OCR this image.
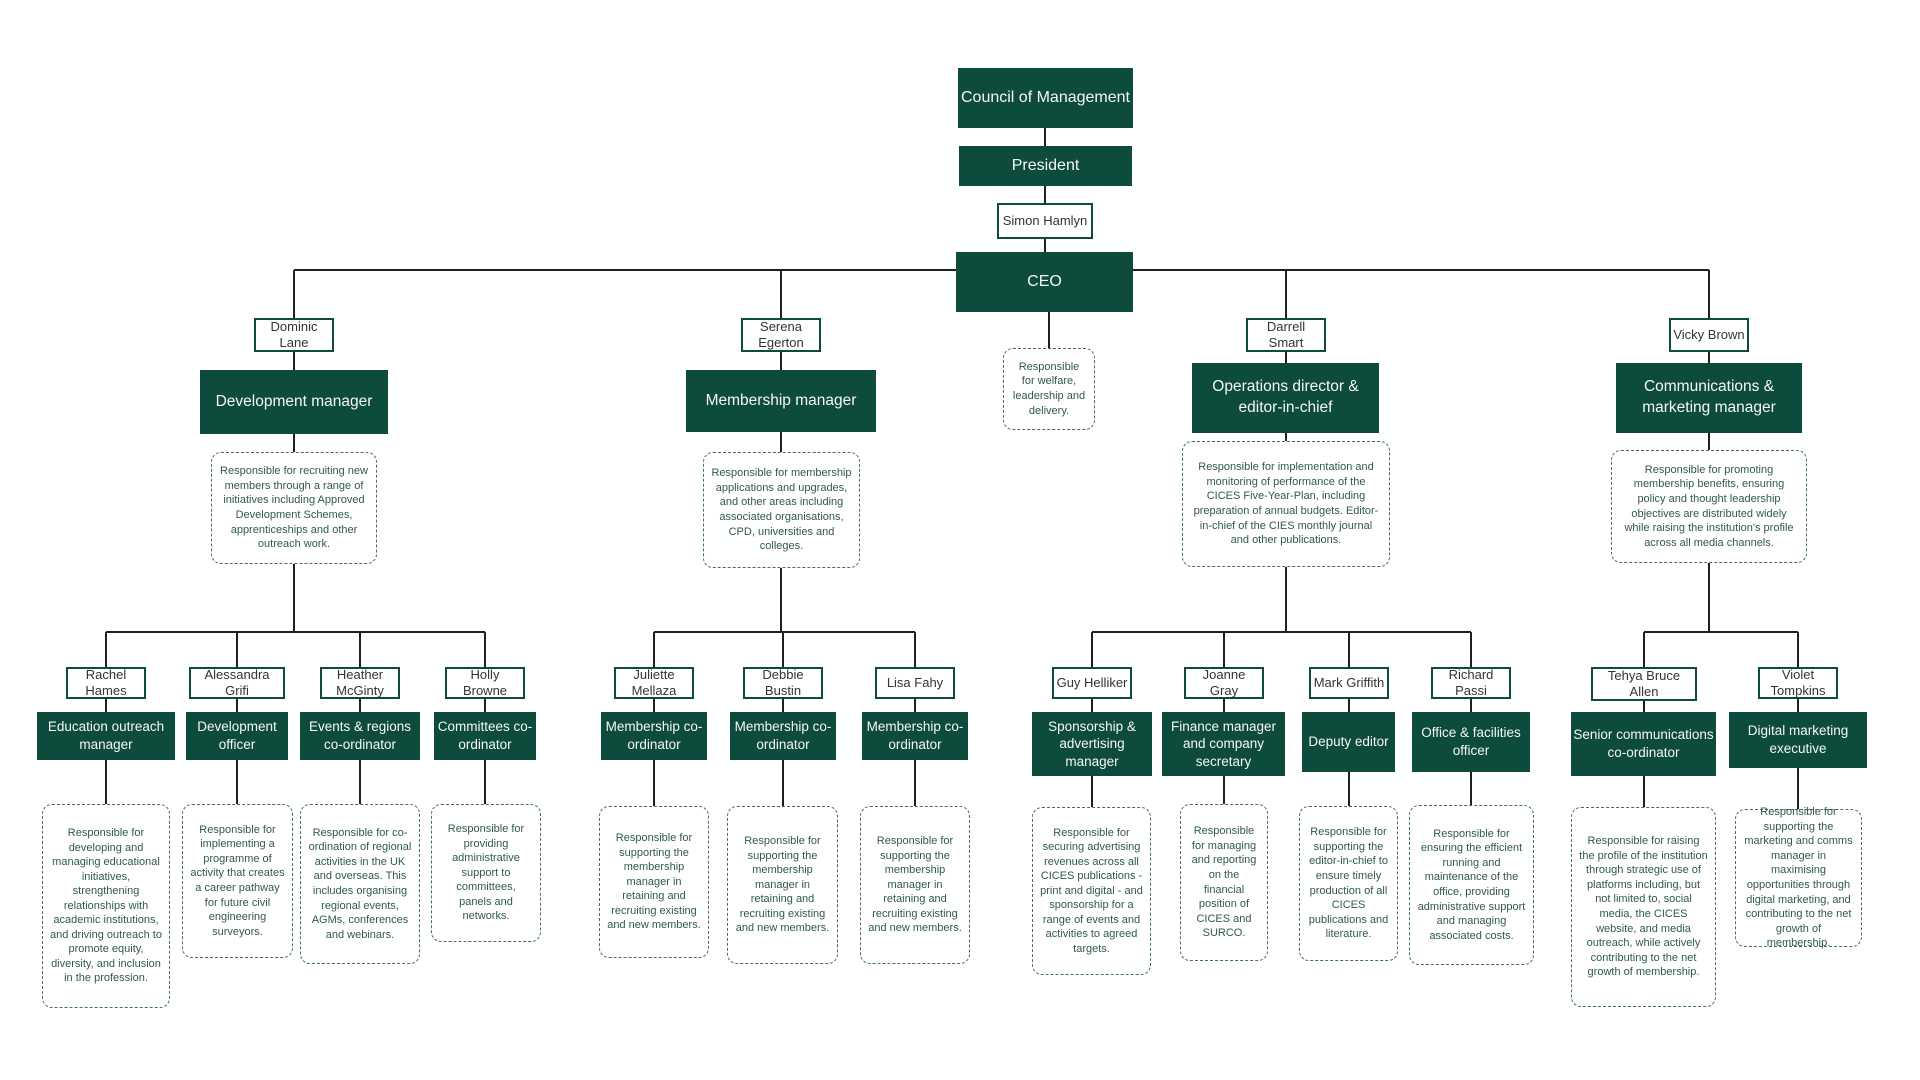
Council of Management
President
Simon Hamlyn
CEO
Responsible for welfare, leadership and delivery.
Dominic Lane
Development manager
Responsible for recruiting new members through a range of initiatives including Approved Development Schemes, apprenticeships and other outreach work.
Rachel Hames
Education outreach manager
Responsible for developing and managing educational initiatives, strengthening relationships with academic institutions, and driving outreach to promote equity, diversity, and inclusion in the profession.
Alessandra Grifi
Development officer
Responsible for implementing a programme of activity that creates a career pathway for future civil engineering surveyors.
Heather McGinty
Events & regions co-ordinator
Responsible for co-ordination of regional activities in the UK and overseas. This includes organising regional events, AGMs, conferences and webinars.
Holly Browne
Committees co-ordinator
Responsible for providing administrative support to committees, panels and networks.
Serena Egerton
Membership manager
Responsible for membership applications and upgrades, and other areas including associated organisations, CPD, universities and colleges.
Juliette Mellaza
Membership co-ordinator
Responsible for supporting the membership manager in retaining and recruiting existing and new members.
Debbie Bustin
Membership co-ordinator
Responsible for supporting the membership manager in retaining and recruiting existing and new members.
Lisa Fahy
Membership co-ordinator
Responsible for supporting the membership manager in retaining and recruiting existing and new members.
Darrell Smart
Operations director & editor-in-chief
Responsible for implementation and monitoring of performance of the CICES Five-Year-Plan, including preparation of annual budgets. Editor-in-chief of the CIES monthly journal and other publications.
Guy Helliker
Sponsorship & advertising manager
Responsible for securing advertising revenues across all CICES publications - print and digital - and sponsorship for a range of events and activities to agreed targets.
Joanne Gray
Finance manager and company secretary
Responsible for managing and reporting on the financial position of CICES and SURCO.
Mark Griffith
Deputy editor
Responsible for supporting the editor-in-chief to ensure timely production of all CICES publications and literature.
Richard Passi
Office & facilities officer
Responsible for ensuring the efficient running and maintenance of the office, providing administrative support and managing associated costs.
Vicky Brown
Communications & marketing manager
Responsible for promoting membership benefits, ensuring policy and thought leadership objectives are distributed widely while raising the institution's profile across all media channels.
Tehya Bruce Allen
Senior communications co-ordinator
Responsible for raising the profile of the institution through strategic use of platforms including, but not limited to, social media, the CICES website, and media outreach, while actively contributing to the net growth of membership.
Violet Tompkins
Digital marketing executive
Responsible for supporting the marketing and comms manager in maximising opportunities through digital marketing, and contributing to the net growth of membership.
